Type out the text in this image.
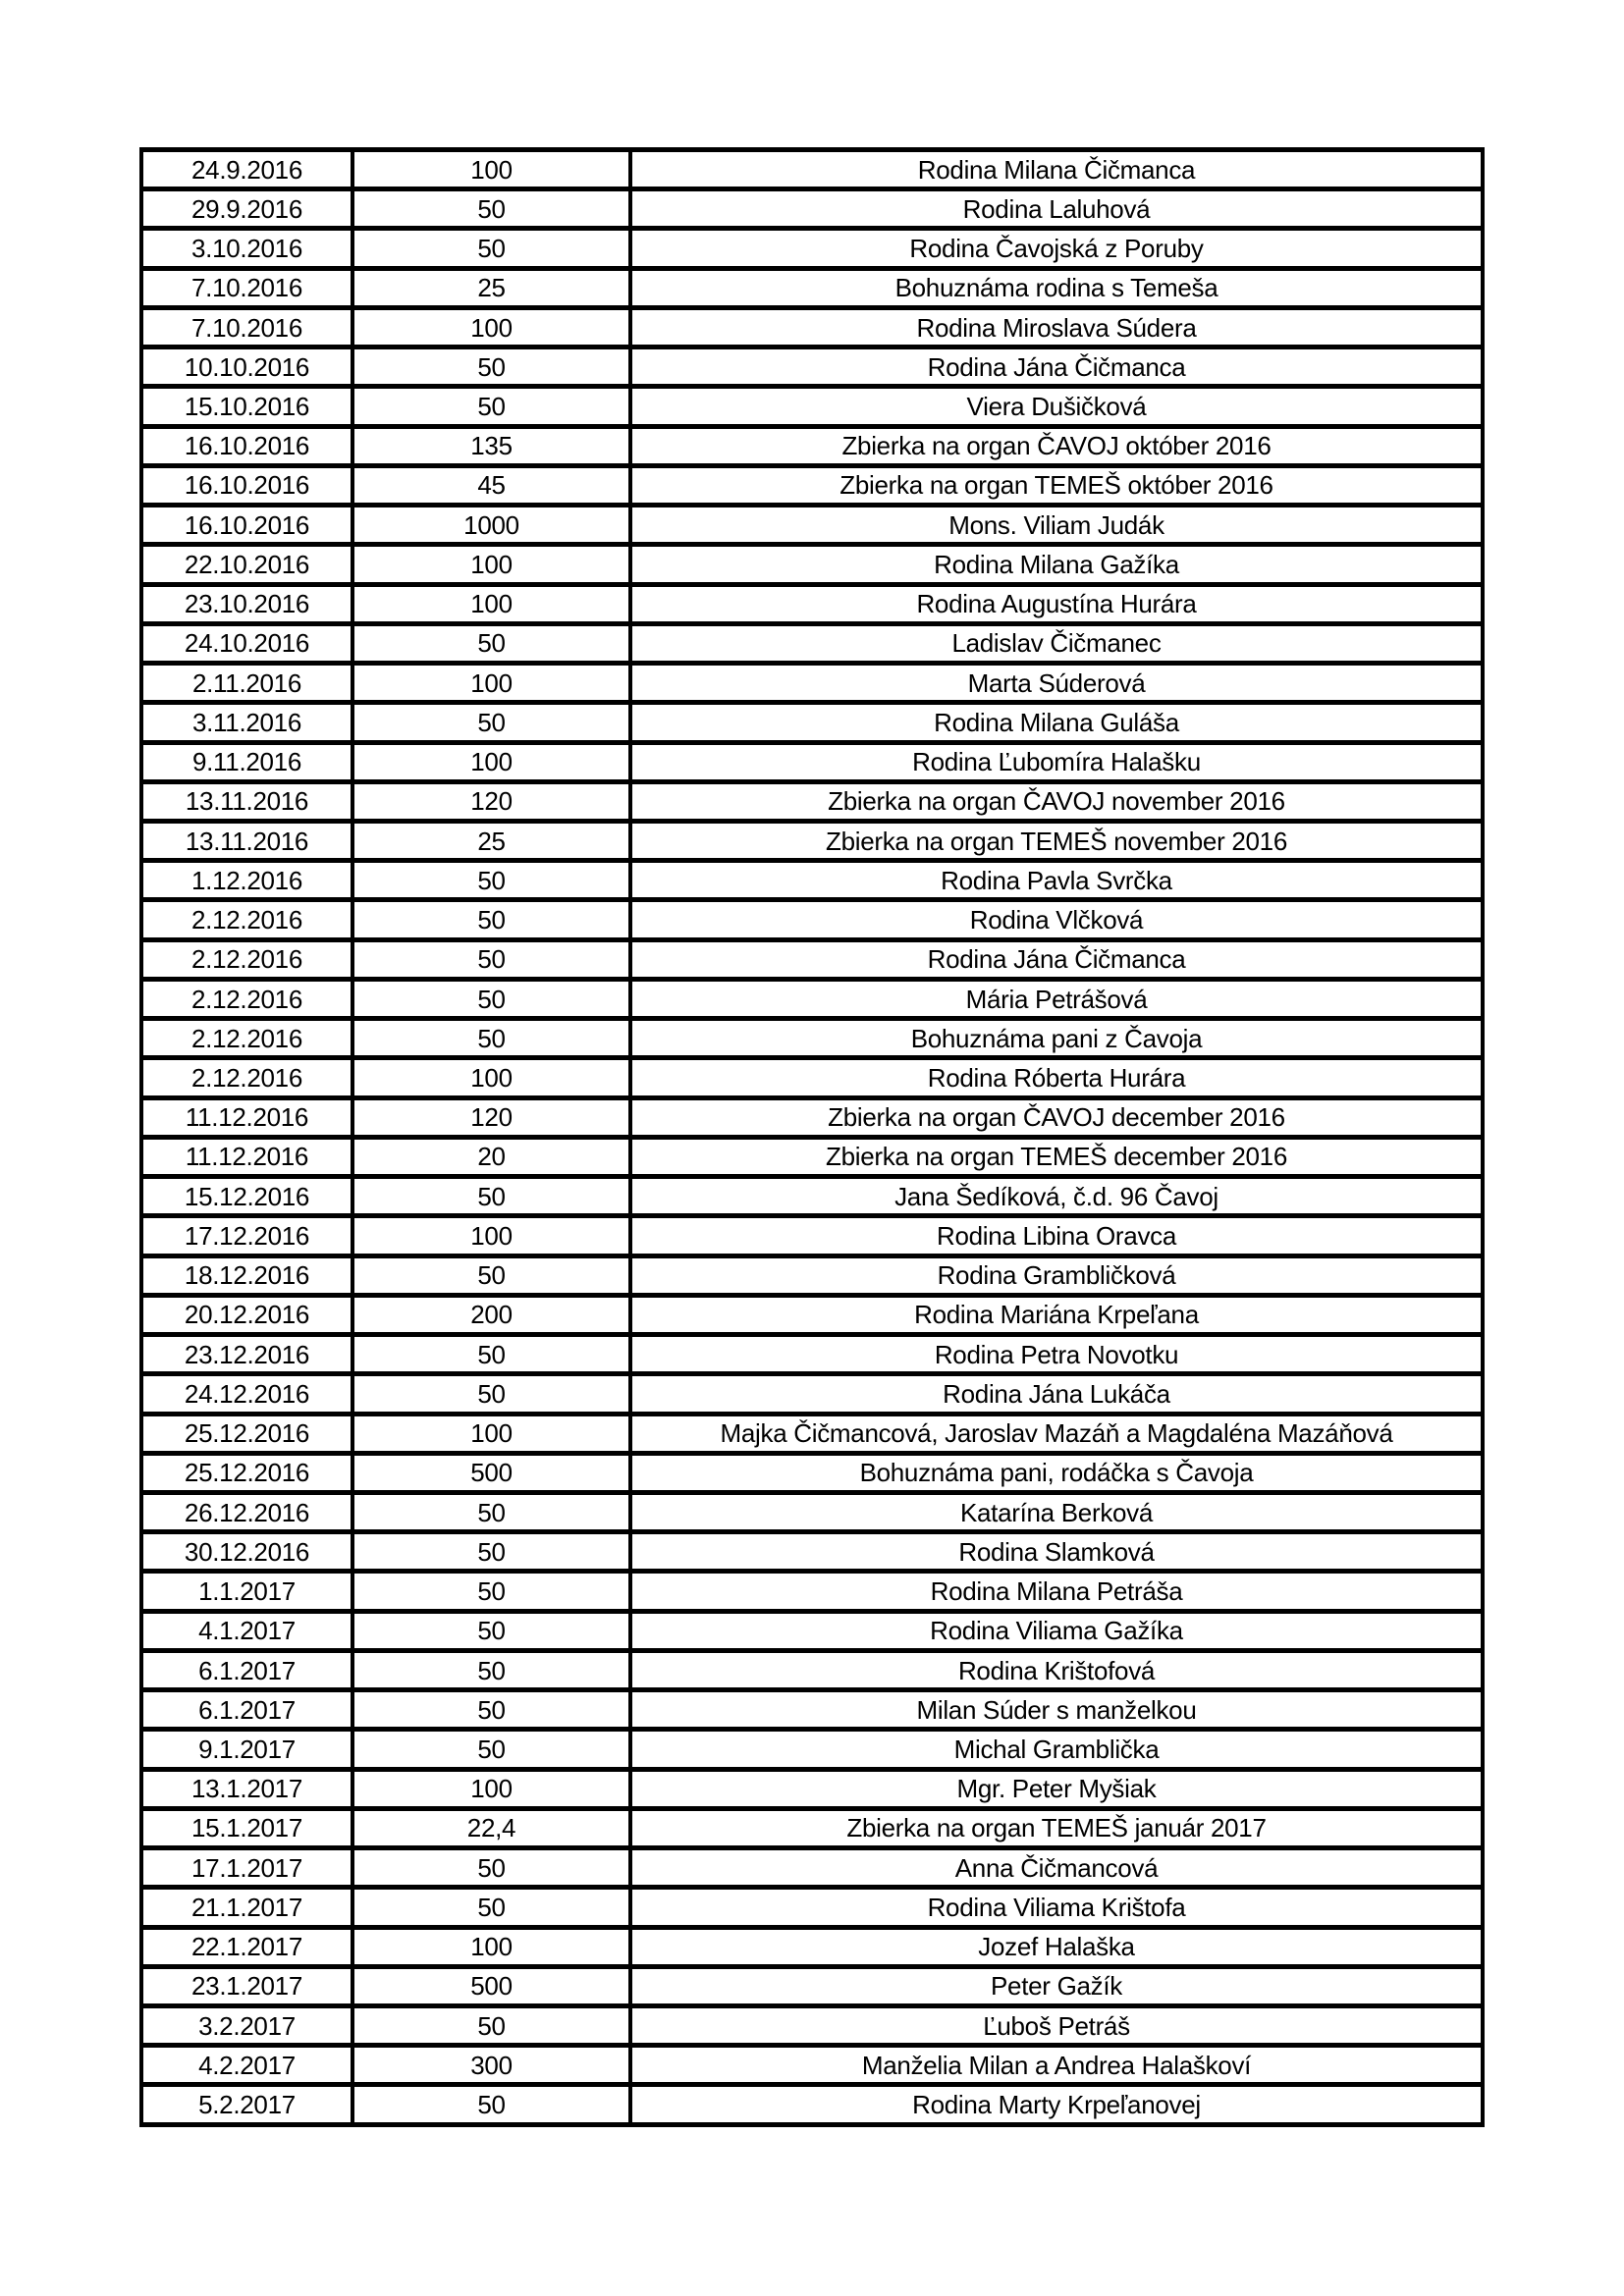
24.9.2016	100	Rodina Milana Čičmanca
29.9.2016	50	Rodina Laluhová
3.10.2016	50	Rodina Čavojská z Poruby
7.10.2016	25	Bohuznáma rodina s Temeša
7.10.2016	100	Rodina Miroslava Súdera
10.10.2016	50	Rodina Jána Čičmanca
15.10.2016	50	Viera Dušičková
16.10.2016	135	Zbierka na organ ČAVOJ október 2016
16.10.2016	45	Zbierka na organ TEMEŠ október 2016
16.10.2016	1000	Mons. Viliam Judák
22.10.2016	100	Rodina Milana Gažíka
23.10.2016	100	Rodina Augustína Hurára
24.10.2016	50	Ladislav Čičmanec
2.11.2016	100	Marta Súderová
3.11.2016	50	Rodina Milana Guláša
9.11.2016	100	Rodina Ľubomíra Halašku
13.11.2016	120	Zbierka na organ ČAVOJ november 2016
13.11.2016	25	Zbierka na organ TEMEŠ november 2016
1.12.2016	50	Rodina Pavla Svrčka
2.12.2016	50	Rodina Vlčková
2.12.2016	50	Rodina Jána Čičmanca
2.12.2016	50	Mária Petrášová
2.12.2016	50	Bohuznáma pani z Čavoja
2.12.2016	100	Rodina Róberta Hurára
11.12.2016	120	Zbierka na organ ČAVOJ december 2016
11.12.2016	20	Zbierka na organ TEMEŠ december 2016
15.12.2016	50	Jana Šedíková, č.d. 96 Čavoj
17.12.2016	100	Rodina Libina Oravca
18.12.2016	50	Rodina Grambličková
20.12.2016	200	Rodina Mariána Krpeľana
23.12.2016	50	Rodina Petra Novotku
24.12.2016	50	Rodina Jána Lukáča
25.12.2016	100	Majka Čičmancová, Jaroslav Mazáň a Magdaléna Mazáňová
25.12.2016	500	Bohuznáma pani, rodáčka s Čavoja
26.12.2016	50	Katarína Berková
30.12.2016	50	Rodina Slamková
1.1.2017	50	Rodina Milana Petráša
4.1.2017	50	Rodina Viliama Gažíka
6.1.2017	50	Rodina Krištofová
6.1.2017	50	Milan Súder s manželkou
9.1.2017	50	Michal Gramblička
13.1.2017	100	Mgr. Peter Myšiak
15.1.2017	22,4	Zbierka na organ TEMEŠ január 2017
17.1.2017	50	Anna Čičmancová
21.1.2017	50	Rodina Viliama Krištofa
22.1.2017	100	Jozef Halaška
23.1.2017	500	Peter Gažík
3.2.2017	50	Ľuboš Petráš
4.2.2017	300	Manželia Milan a Andrea Halaškoví
5.2.2017	50	Rodina Marty Krpeľanovej
